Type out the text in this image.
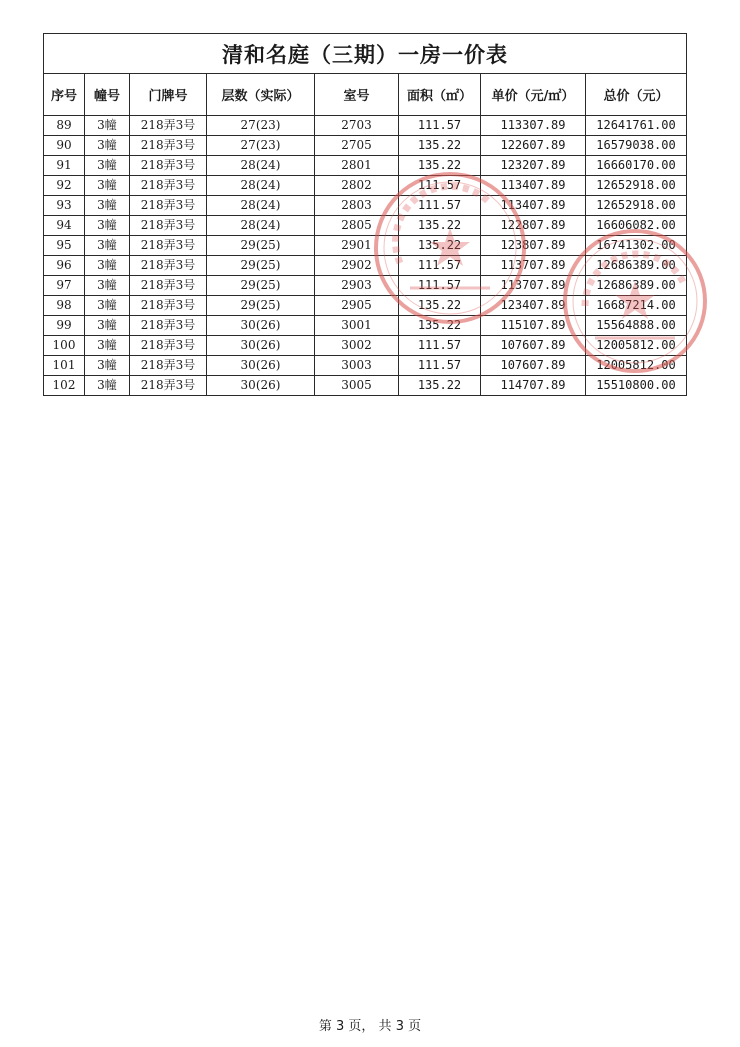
清和名庭（三期）一房一价表							
序号	幢号	门牌号	层数（实际）	室号	面积（㎡）	单价（元/㎡）	总价（元）
89	3幢	218弄3号	27(23)	2703	111.57	113307.89	12641761.00
90	3幢	218弄3号	27(23)	2705	135.22	122607.89	16579038.00
91	3幢	218弄3号	28(24)	2801	135.22	123207.89	16660170.00
92	3幢	218弄3号	28(24)	2802	111.57	113407.89	12652918.00
93	3幢	218弄3号	28(24)	2803	111.57	113407.89	12652918.00
94	3幢	218弄3号	28(24)	2805	135.22	122807.89	16606082.00
95	3幢	218弄3号	29(25)	2901	135.22	123807.89	16741302.00
96	3幢	218弄3号	29(25)	2902	111.57	113707.89	12686389.00
97	3幢	218弄3号	29(25)	2903	111.57	113707.89	12686389.00
98	3幢	218弄3号	29(25)	2905	135.22	123407.89	16687214.00
99	3幢	218弄3号	30(26)	3001	135.22	115107.89	15564888.00
100	3幢	218弄3号	30(26)	3002	111.57	107607.89	12005812.00
101	3幢	218弄3号	30(26)	3003	111.57	107607.89	12005812.00
102	3幢	218弄3号	30(26)	3005	135.22	114707.89	15510800.00
第 3 页， 共 3 页
